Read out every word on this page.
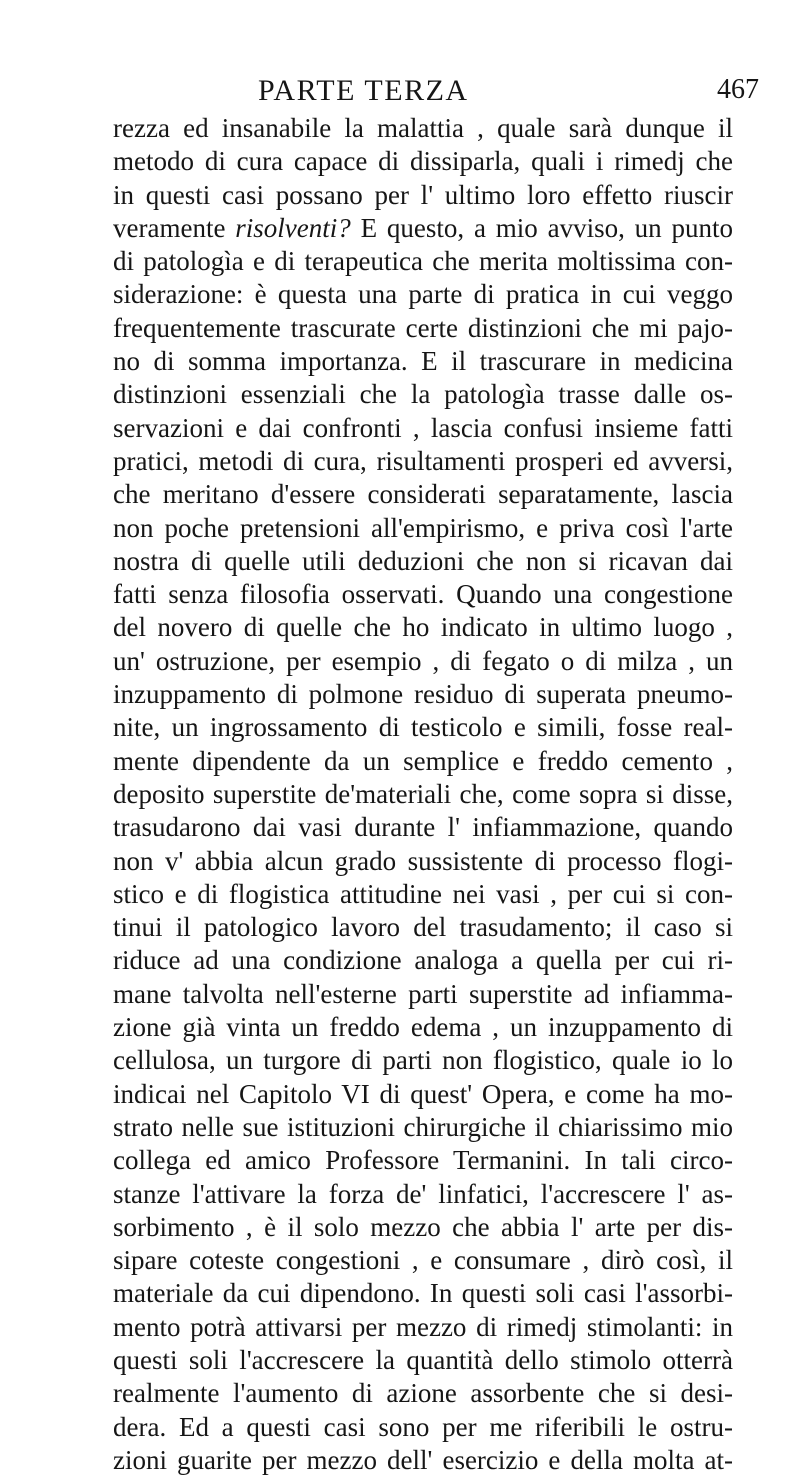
PARTE TERZA	467
rezza ed insanabile la malattia , quale sarà dunque il
metodo di cura capace di dissiparla, quali i rimedj che
in questi casi possano per l' ultimo loro effetto riuscir
veramente risolventi? E questo, a mio avviso, un punto
di patologìa e di terapeutica che merita moltissima con-
siderazione: è questa una parte di pratica in cui veggo
frequentemente trascurate certe distinzioni che mi pajo-
no di somma importanza. E il trascurare in medicina
distinzioni essenziali che la patologìa trasse dalle os-
servazioni e dai confronti , lascia confusi insieme fatti
pratici, metodi di cura, risultamenti prosperi ed avversi,
che meritano d'essere considerati separatamente, lascia
non poche pretensioni all'empirismo, e priva così l'arte
nostra di quelle utili deduzioni che non si ricavan dai
fatti senza filosofia osservati. Quando una congestione
del novero di quelle che ho indicato in ultimo luogo ,
un' ostruzione, per esempio , di fegato o di milza , un
inzuppamento di polmone residuo di superata pneumo-
nite, un ingrossamento di testicolo e simili, fosse real-
mente dipendente da un semplice e freddo cemento ,
deposito superstite de'materiali che, come sopra si disse,
trasudarono dai vasi durante l' infiammazione, quando
non v' abbia alcun grado sussistente di processo flogi-
stico e di flogistica attitudine nei vasi , per cui si con-
tinui il patologico lavoro del trasudamento; il caso si
riduce ad una condizione analoga a quella per cui ri-
mane talvolta nell'esterne parti superstite ad infiamma-
zione già vinta un freddo edema , un inzuppamento di
cellulosa, un turgore di parti non flogistico, quale io lo
indicai nel Capitolo VI di quest' Opera, e come ha mo-
strato nelle sue istituzioni chirurgiche il chiarissimo mio
collega ed amico Professore Termanini. In tali circo-
stanze l'attivare la forza de' linfatici, l'accrescere l' as-
sorbimento , è il solo mezzo che abbia l' arte per dis-
sipare coteste congestioni , e consumare , dirò così, il
materiale da cui dipendono. In questi soli casi l'assorbi-
mento potrà attivarsi per mezzo di rimedj stimolanti: in
questi soli l'accrescere la quantità dello stimolo otterrà
realmente l'aumento di azione assorbente che si desi-
dera. Ed a questi casi sono per me riferibili le ostru-
zioni guarite per mezzo dell' esercizio e della molta at-
